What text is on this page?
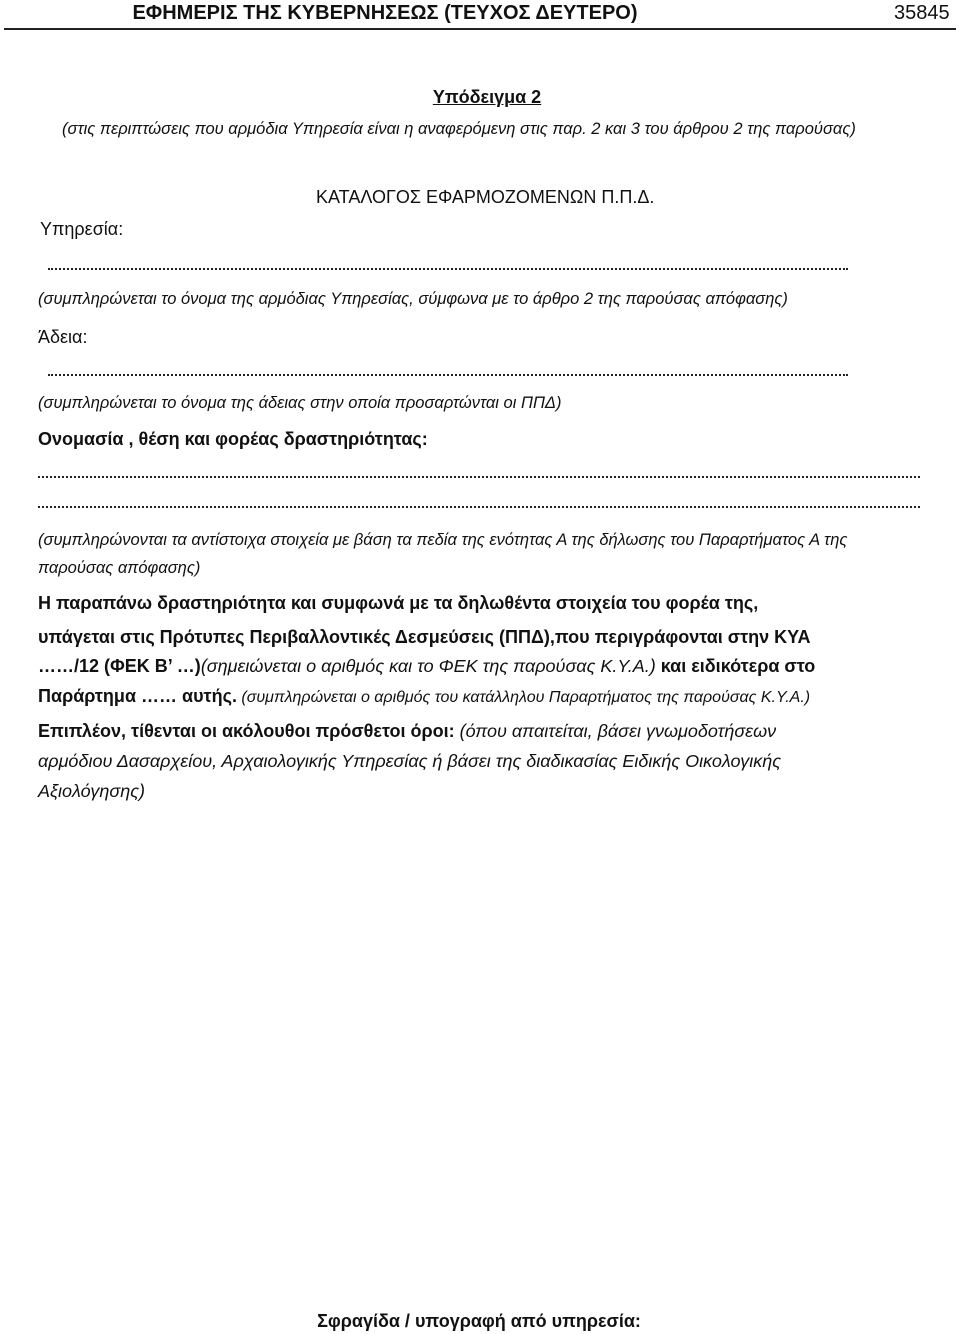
ΕΦΗΜΕΡΙΣ ΤΗΣ ΚΥΒΕΡΝΗΣΕΩΣ (ΤΕΥΧΟΣ ΔΕΥΤΕΡΟ)	35845
Υπόδειγμα 2
(στις περιπτώσεις που αρμόδια Υπηρεσία είναι η αναφερόμενη στις παρ. 2 και 3 του άρθρου 2 της παρούσας)
ΚΑΤΑΛΟΓΟΣ ΕΦΑΡΜΟΖΟΜΕΝΩΝ Π.Π.Δ.
Υπηρεσία:
(συμπληρώνεται το όνομα της αρμόδιας Υπηρεσίας, σύμφωνα με το άρθρο 2 της παρούσας απόφασης)
Άδεια:
(συμπληρώνεται το όνομα της άδειας στην οποία προσαρτώνται οι ΠΠΔ)
Ονομασία , θέση και φορέας δραστηριότητας:
(συμπληρώνονται τα αντίστοιχα στοιχεία με βάση τα πεδία της ενότητας Α της δήλωσης του Παραρτήματος Α της
παρούσας απόφασης)
Η παραπάνω δραστηριότητα και συμφωνά με τα δηλωθέντα στοιχεία του φορέα της,
υπάγεται στις Πρότυπες Περιβαλλοντικές Δεσμεύσεις (ΠΠΔ),που περιγράφονται στην ΚΥΑ
……/12 (ΦΕΚ Β’ …)(σημειώνεται ο αριθμός και το ΦΕΚ της παρούσας Κ.Υ.Α.) και ειδικότερα στο
Παράρτημα …… αυτής. (συμπληρώνεται ο αριθμός του κατάλληλου Παραρτήματος της παρούσας Κ.Υ.Α.)
Επιπλέον, τίθενται οι ακόλουθοι πρόσθετοι όροι: (όπου απαιτείται, βάσει γνωμοδοτήσεων
αρμόδιου Δασαρχείου, Αρχαιολογικής Υπηρεσίας ή βάσει της διαδικασίας Ειδικής Οικολογικής
Αξιολόγησης)
Σφραγίδα / υπογραφή από υπηρεσία:
